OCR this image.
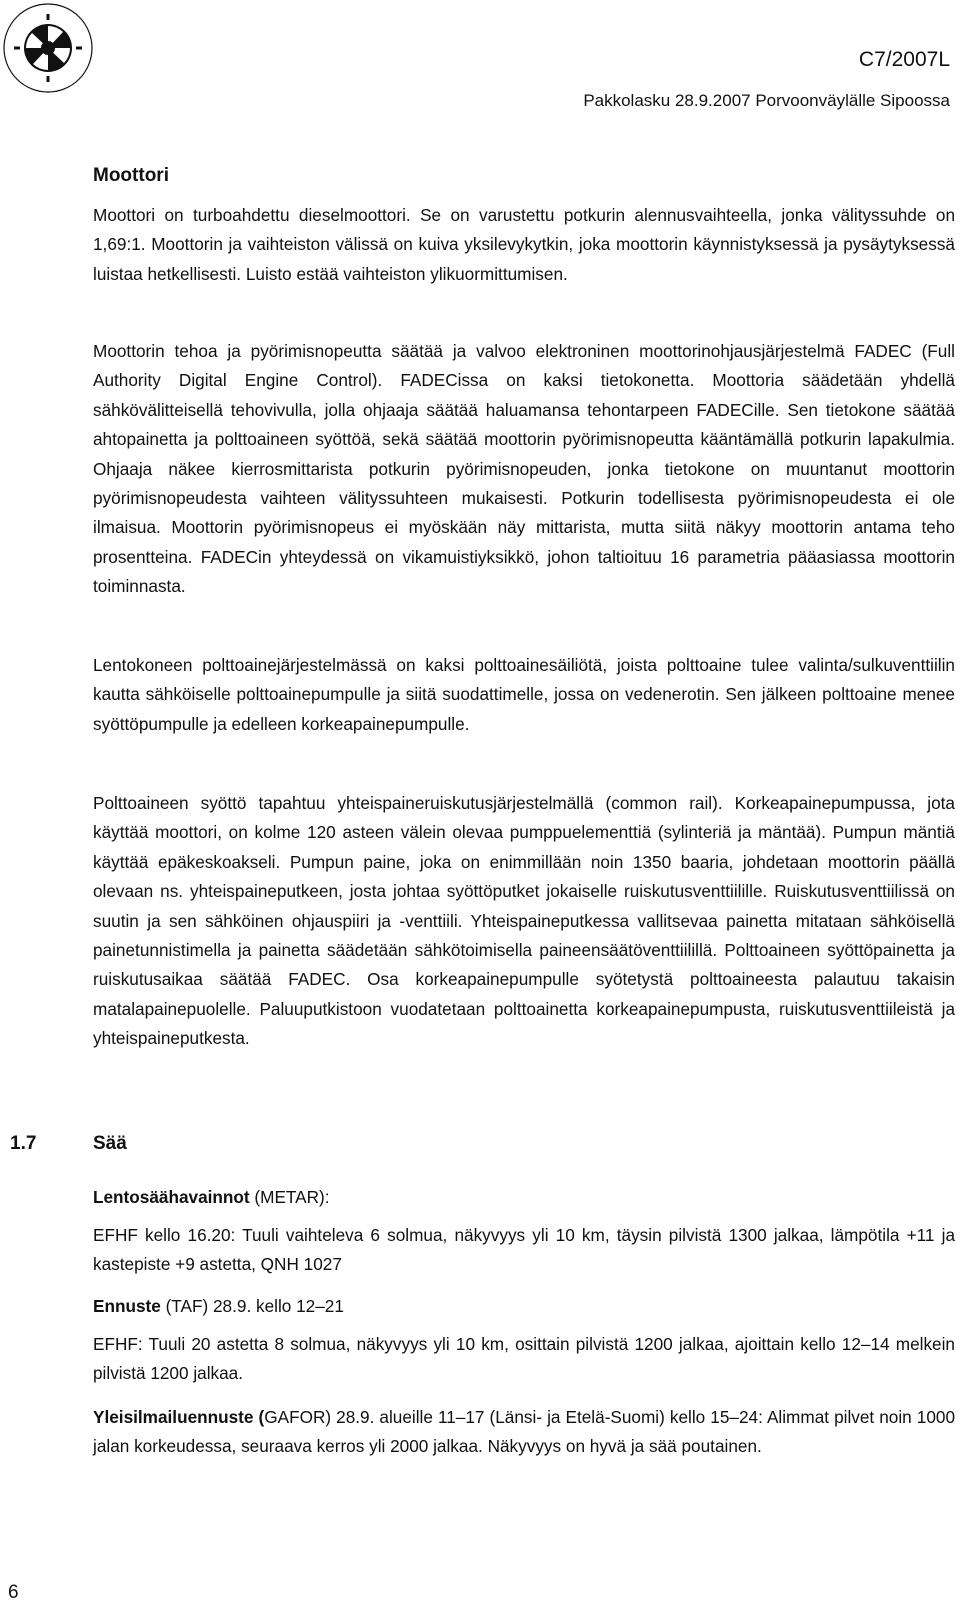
C7/2007L
Pakkolasku 28.9.2007 Porvoonväylälle Sipoossa
Moottori
Moottori on turboahdettu dieselmoottori. Se on varustettu potkurin alennusvaihteella, jonka välityssuhde on 1,69:1. Moottorin ja vaihteiston välissä on kuiva yksilevykytkin, joka moottorin käynnistyksessä ja pysäytyksessä luistaa hetkellisesti. Luisto estää vaihteiston ylikuormittumisen.
Moottorin tehoa ja pyörimisnopeutta säätää ja valvoo elektroninen moottorinohjausjärjestelmä FADEC (Full Authority Digital Engine Control). FADECissa on kaksi tietokonetta. Moottoria säädetään yhdellä sähkövälitteisellä tehovivulla, jolla ohjaaja säätää haluamansa tehontarpeen FADECille. Sen tietokone säätää ahtopainetta ja polttoaineen syöttöä, sekä säätää moottorin pyörimisnopeutta kääntämällä potkurin lapakulmia. Ohjaaja näkee kierrosmittarista potkurin pyörimisnopeuden, jonka tietokone on muuntanut moottorin pyörimisnopeudesta vaihteen välityssuhteen mukaisesti. Potkurin todellisesta pyörimisnopeudesta ei ole ilmaisua. Moottorin pyörimisnopeus ei myöskään näy mittarista, mutta siitä näkyy moottorin antama teho prosentteina. FADECin yhteydessä on vikamuistiyksikkö, johon taltioituu 16 parametria pääasiassa moottorin toiminnasta.
Lentokoneen polttoainejärjestelmässä on kaksi polttoainesäiliötä, joista polttoaine tulee valinta/sulkuventtiilin kautta sähköiselle polttoainepumpulle ja siitä suodattimelle, jossa on vedenerotin. Sen jälkeen polttoaine menee syöttöpumpulle ja edelleen korkeapainepumpulle.
Polttoaineen syöttö tapahtuu yhteispaineruiskutusjärjestelmällä (common rail). Korkeapainepumpussa, jota käyttää moottori, on kolme 120 asteen välein olevaa pumppuelementtiä (sylinteriä ja mäntää). Pumpun mäntiä käyttää epäkeskoakseli. Pumpun paine, joka on enimmillään noin 1350 baaria, johdetaan moottorin päällä olevaan ns. yhteispaineputkeen, josta johtaa syöttöputket jokaiselle ruiskutusventtiilille. Ruiskutusventtiilissä on suutin ja sen sähköinen ohjauspiiri ja -venttiili. Yhteispaineputkessa vallitsevaa painetta mitataan sähköisellä painetunnistimella ja painetta säädetään sähkötoimisella paineensäätöventtiilillä. Polttoaineen syöttöpainetta ja ruiskutusaikaa säätää FADEC. Osa korkeapainepumpulle syötetystä polttoaineesta palautuu takaisin matalapainepuolelle. Paluuputkistoon vuodatetaan polttoainetta korkeapainepumpusta, ruiskutusventtiileistä ja yhteispaineputkesta.
1.7	Sää
Lentosäähavainnot (METAR):
EFHF kello 16.20: Tuuli vaihteleva 6 solmua, näkyvyys yli 10 km, täysin pilvistä 1300 jalkaa, lämpötila +11 ja kastepiste +9 astetta, QNH 1027
Ennuste (TAF) 28.9. kello 12–21
EFHF: Tuuli 20 astetta 8 solmua, näkyvyys yli 10 km, osittain pilvistä 1200 jalkaa, ajoittain kello 12–14 melkein pilvistä 1200 jalkaa.
Yleisilmailuennuste (GAFOR) 28.9. alueille 11–17 (Länsi- ja Etelä-Suomi) kello 15–24: Alimmat pilvet noin 1000 jalan korkeudessa, seuraava kerros yli 2000 jalkaa. Näkyvyys on hyvä ja sää poutainen.
6
